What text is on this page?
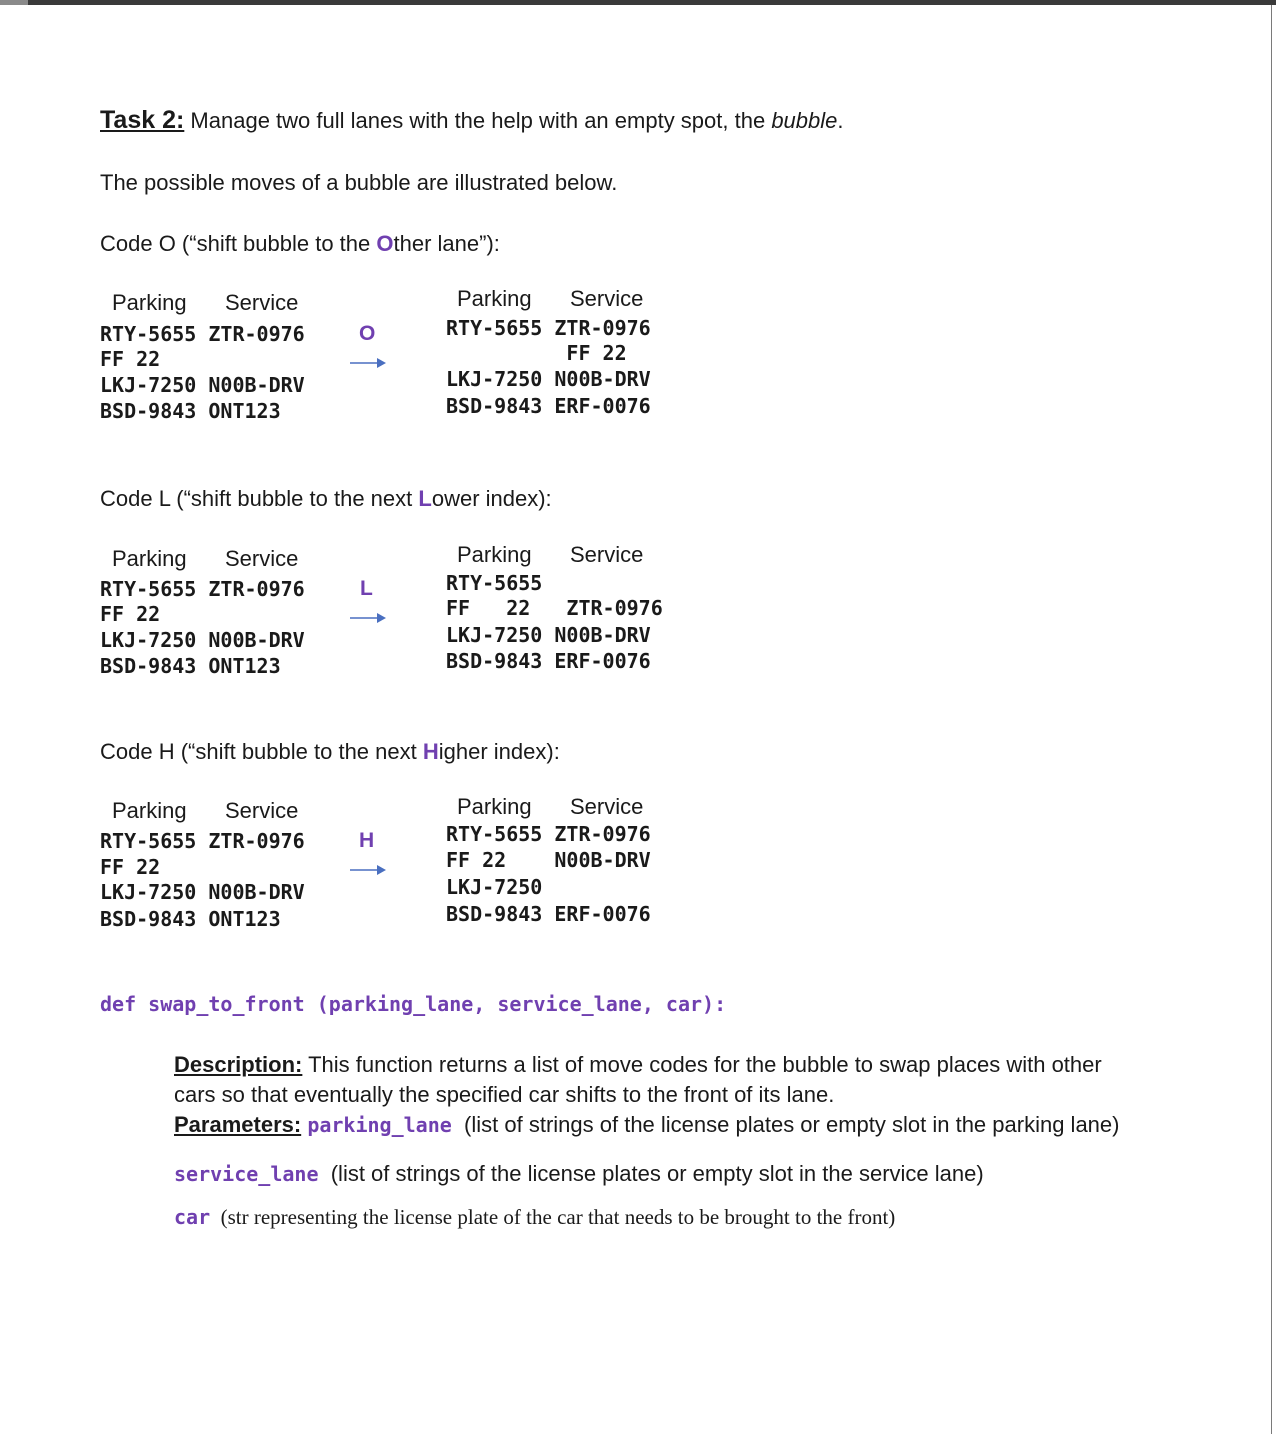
Task 2: Manage two full lanes with the help with an empty spot, the bubble.
The possible moves of a bubble are illustrated below.
Code O (“shift bubble to the Other lane”):
Parking Service
RTY-5655 ZTR-0976
FF 22
LKJ-7250 N00B-DRV
BSD-9843 ONT123
O
Parking Service
RTY-5655 ZTR-0976
FF 22
LKJ-7250 N00B-DRV
BSD-9843 ERF-0076
Code L (“shift bubble to the next Lower index):
Parking Service
RTY-5655 ZTR-0976
FF 22
LKJ-7250 N00B-DRV
BSD-9843 ONT123
L
Parking Service
RTY-5655
FF   22   ZTR-0976
LKJ-7250 N00B-DRV
BSD-9843 ERF-0076
Code H (“shift bubble to the next Higher index):
Parking Service
RTY-5655 ZTR-0976
FF 22
LKJ-7250 N00B-DRV
BSD-9843 ONT123
H
Parking Service
RTY-5655 ZTR-0976
FF 22    N00B-DRV
LKJ-7250
BSD-9843 ERF-0076
def swap_to_front (parking_lane, service_lane, car):
Description: This function returns a list of move codes for the bubble to swap places with other
cars so that eventually the specified car shifts to the front of its lane.
Parameters: parking_lane (list of strings of the license plates or empty slot in the parking lane)
service_lane (list of strings of the license plates or empty slot in the service lane)
car (str representing the license plate of the car that needs to be brought to the front)
